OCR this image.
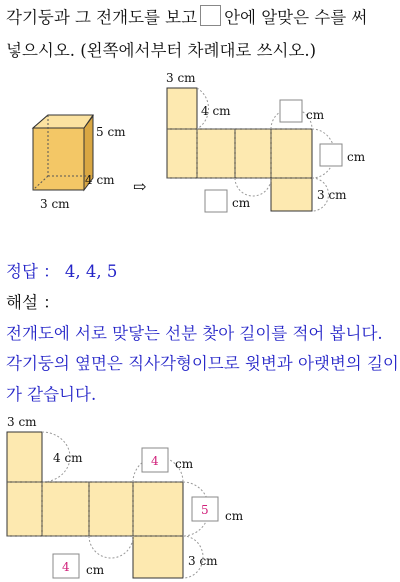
각기둥과 그 전개도를 보고 안에 알맞은 수를 써
넣으시오. (왼쪽에서부터 차례대로 쓰시오.)
5 cm
4 cm
3 cm
⇨
3 cm
4 cm	cm
cm
cm
3 cm
정답 ： 4, 4, 5
해설 ：
전개도에 서로 맞닿는 선분 찾아 길이를 적어 봅니다.
각기둥의 옆면은 직사각형이므로 윗변과 아랫변의 길이
가 같습니다.
3 cm
4 cm	4 cm
5 cm
3 cm
4 cm
